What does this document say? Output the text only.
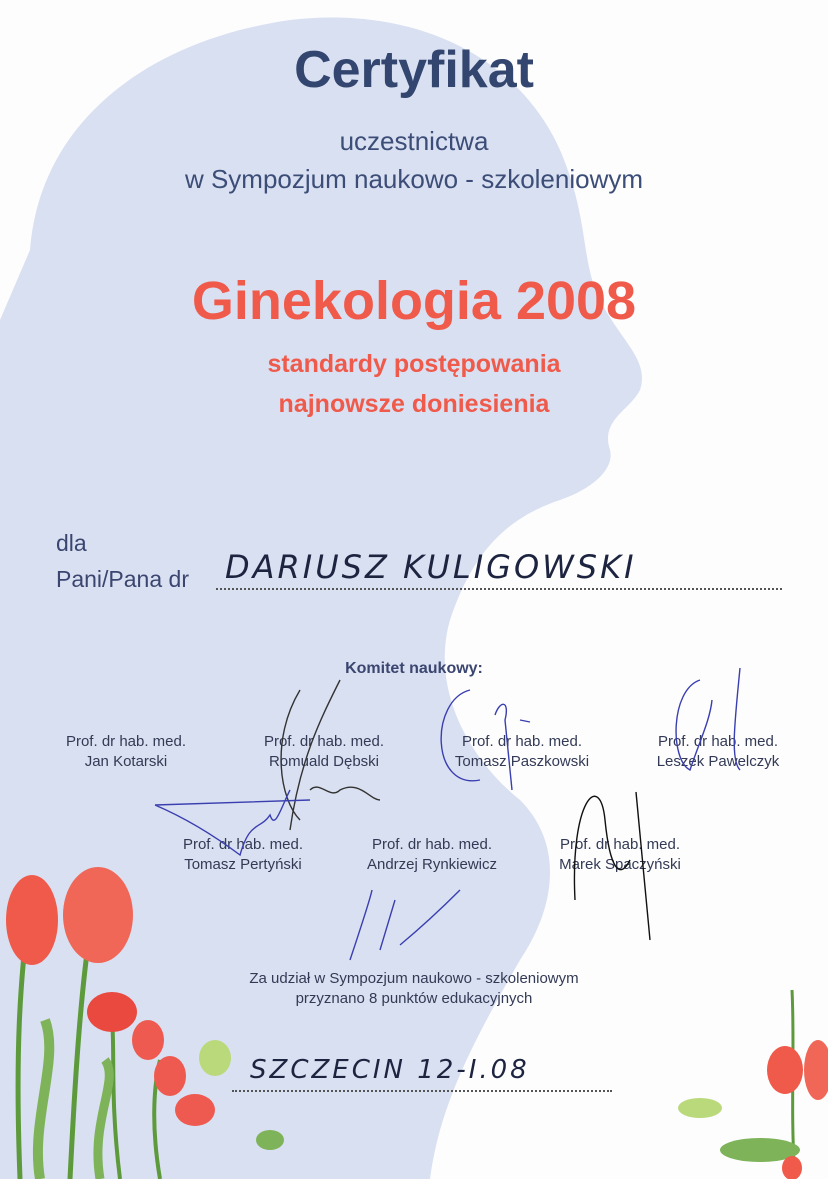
Certyfikat
uczestnictwa
w Sympozjum naukowo - szkoleniowym
Ginekologia 2008
standardy postępowania
najnowsze doniesienia
dla
Pani/Pana dr DARIUSZ KULIGOWSKI
Komitet naukowy:
Prof. dr hab. med.
Jan Kotarski
Prof. dr hab. med.
Romuald Dębski
Prof. dr hab. med.
Tomasz Paszkowski
Prof. dr hab. med.
Leszek Pawelczyk
Prof. dr hab. med.
Tomasz Pertyński
Prof. dr hab. med.
Andrzej Rynkiewicz
Prof. dr hab. med.
Marek Spaczyński
Za udział w Sympozjum naukowo - szkoleniowym
przyznano 8 punktów edukacyjnych
SZCZECIN 12-I.08
